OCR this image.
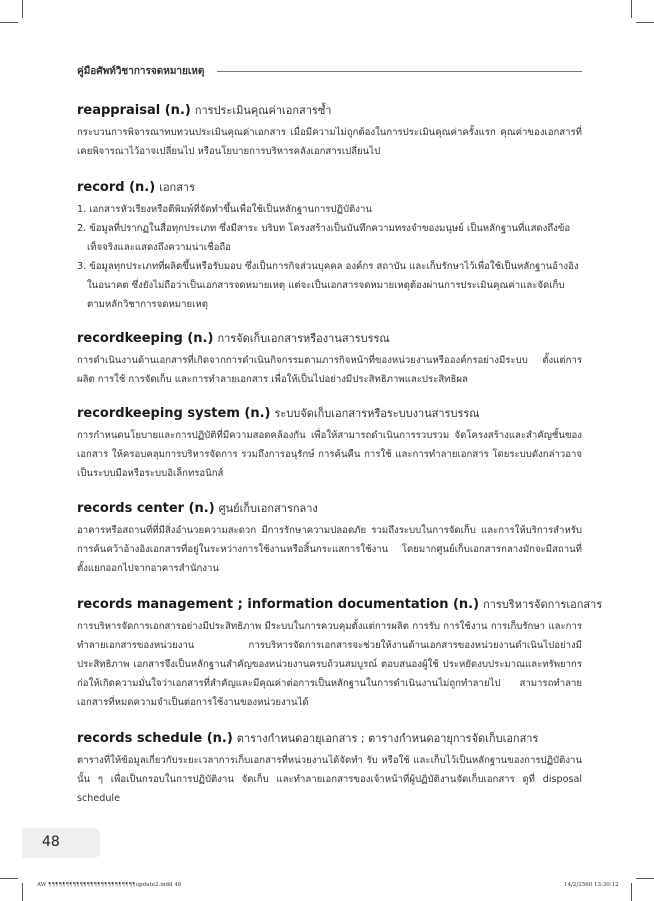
คู่มือศัพท์วิชาการจดหมายเหตุ
reappraisal (n.) การประเมินคุณค่าเอกสารซ้ำ

กระบวนการพิจารณาทบทวนประเมินคุณค่าเอกสาร เมื่อมีความไม่ถูกต้องในการประเมินคุณค่าครั้งแรก คุณค่าของเอกสารที่เคยพิจารณาไว้อาจเปลี่ยนไป หรือนโยบายการบริหารคลังเอกสารเปลี่ยนไป

record (n.) เอกสาร
1. เอกสารหัวเรียงหรือตีพิมพ์ที่จัดทำขึ้นเพื่อใช้เป็นหลักฐานการปฏิบัติงาน
2. ข้อมูลที่ปรากฏในสื่อทุกประเภท ซึ่งมีสาระ บริบท โครงสร้างเป็นบันทึกความทรงจำของมนุษย์ เป็นหลักฐานที่แสดงถึงข้อเท็จจริงและแสดงถึงความน่าเชื่อถือ
3. ข้อมูลทุกประเภทที่ผลิตขึ้นหรือรับมอบ ซึ่งเป็นการกิจส่วนบุคคล องค์กร สถาบัน และเก็บรักษาไว้เพื่อใช้เป็นหลักฐานอ้างอิงในอนาคต ซึ่งยังไม่ถือว่าเป็นเอกสารจดหมายเหตุ แต่จะเป็นเอกสารจดหมายเหตุต้องผ่านการประเมินคุณค่าและจัดเก็บตามหลักวิชาการจดหมายเหตุ
recordkeeping (n.) การจัดเก็บเอกสารหรืองานสารบรรณ

การดำเนินงานด้านเอกสารที่เกิดจากการดำเนินกิจกรรมตามภารกิจหน้าที่ของหน่วยงานหรือองค์กรอย่างมีระบบ ตั้งแต่การผลิต การใช้ การจัดเก็บ และการทำลายเอกสาร เพื่อให้เป็นไปอย่างมีประสิทธิภาพและประสิทธิผล

recordkeeping system (n.) ระบบจัดเก็บเอกสารหรือระบบงานสารบรรณ

การกำหนดนโยบายและการปฏิบัติที่มีความสอดคล้องกัน เพื่อให้สามารถดำเนินการรวบรวม จัดโครงสร้างและสำคัญชั้นของเอกสาร ให้ครอบคลุมการบริหารจัดการ รวมถึงการอนุรักษ์ การค้นคืน การใช้ และการทำลายเอกสาร โดยระบบดังกล่าวอาจเป็นระบบมือหรือระบบอิเล็กทรอนิกส์

records center (n.) ศูนย์เก็บเอกสารกลาง

อาคารหรือสถานที่ที่มีสิ่งอำนวยความสะดวก มีการรักษาความปลอดภัย รวมถึงระบบในการจัดเก็บ และการให้บริการสำหรับการค้นคว้าอ้างอิงเอกสารที่อยู่ในระหว่างการใช้งานหรือสิ้นกระแสการใช้งาน โดยมากศูนย์เก็บเอกสารกลางมักจะมีสถานที่ตั้งแยกออกไปจากอาคารสำนักงาน

records management ; information documentation (n.) การบริหารจัดการเอกสาร

การบริหารจัดการเอกสารอย่างมีประสิทธิภาพ มีระบบในการควบคุมตั้งแต่การผลิต การรับ การใช้งาน การเก็บรักษา และการทำลายเอกสารของหน่วยงาน การบริหารจัดการเอกสารจะช่วยให้งานด้านเอกสารของหน่วยงานดำเนินไปอย่างมีประสิทธิภาพ เอกสารจึงเป็นหลักฐานสำคัญของหน่วยงานครบถ้วนสมบูรณ์ ตอบสนองผู้ใช้ ประหยัดงบประมาณและทรัพยากร ก่อให้เกิดความมั่นใจว่าเอกสารที่สำคัญและมีคุณค่าต่อการเป็นหลักฐานในการดำเนินงานไม่ถูกทำลายไป สามารถทำลายเอกสารที่หมดความจำเป็นต่อการใช้งานของหน่วยงานได้

records schedule (n.) ตารางกำหนดอายุเอกสาร ; ตารางกำหนดอายุการจัดเก็บเอกสาร

ตารางที่ให้ข้อมูลเกี่ยวกับระยะเวลาการเก็บเอกสารที่หน่วยงานได้จัดทำ รับ หรือใช้ และเก็บไว้เป็นหลักฐานของการปฏิบัติงานนั้น ๆ เพื่อเป็นกรอบในการปฏิบัติงาน จัดเก็บ และทำลายเอกสารของเจ้าหน้าที่ผู้ปฏิบัติงานจัดเก็บเอกสาร ดูที่ disposal schedule

48
AW ¶¶¶¶¶¶¶¶¶¶¶¶¶¶¶¶¶¶¶¶¶¶¶¶¶update2.indd 48	14/2/2560 13:30:12
